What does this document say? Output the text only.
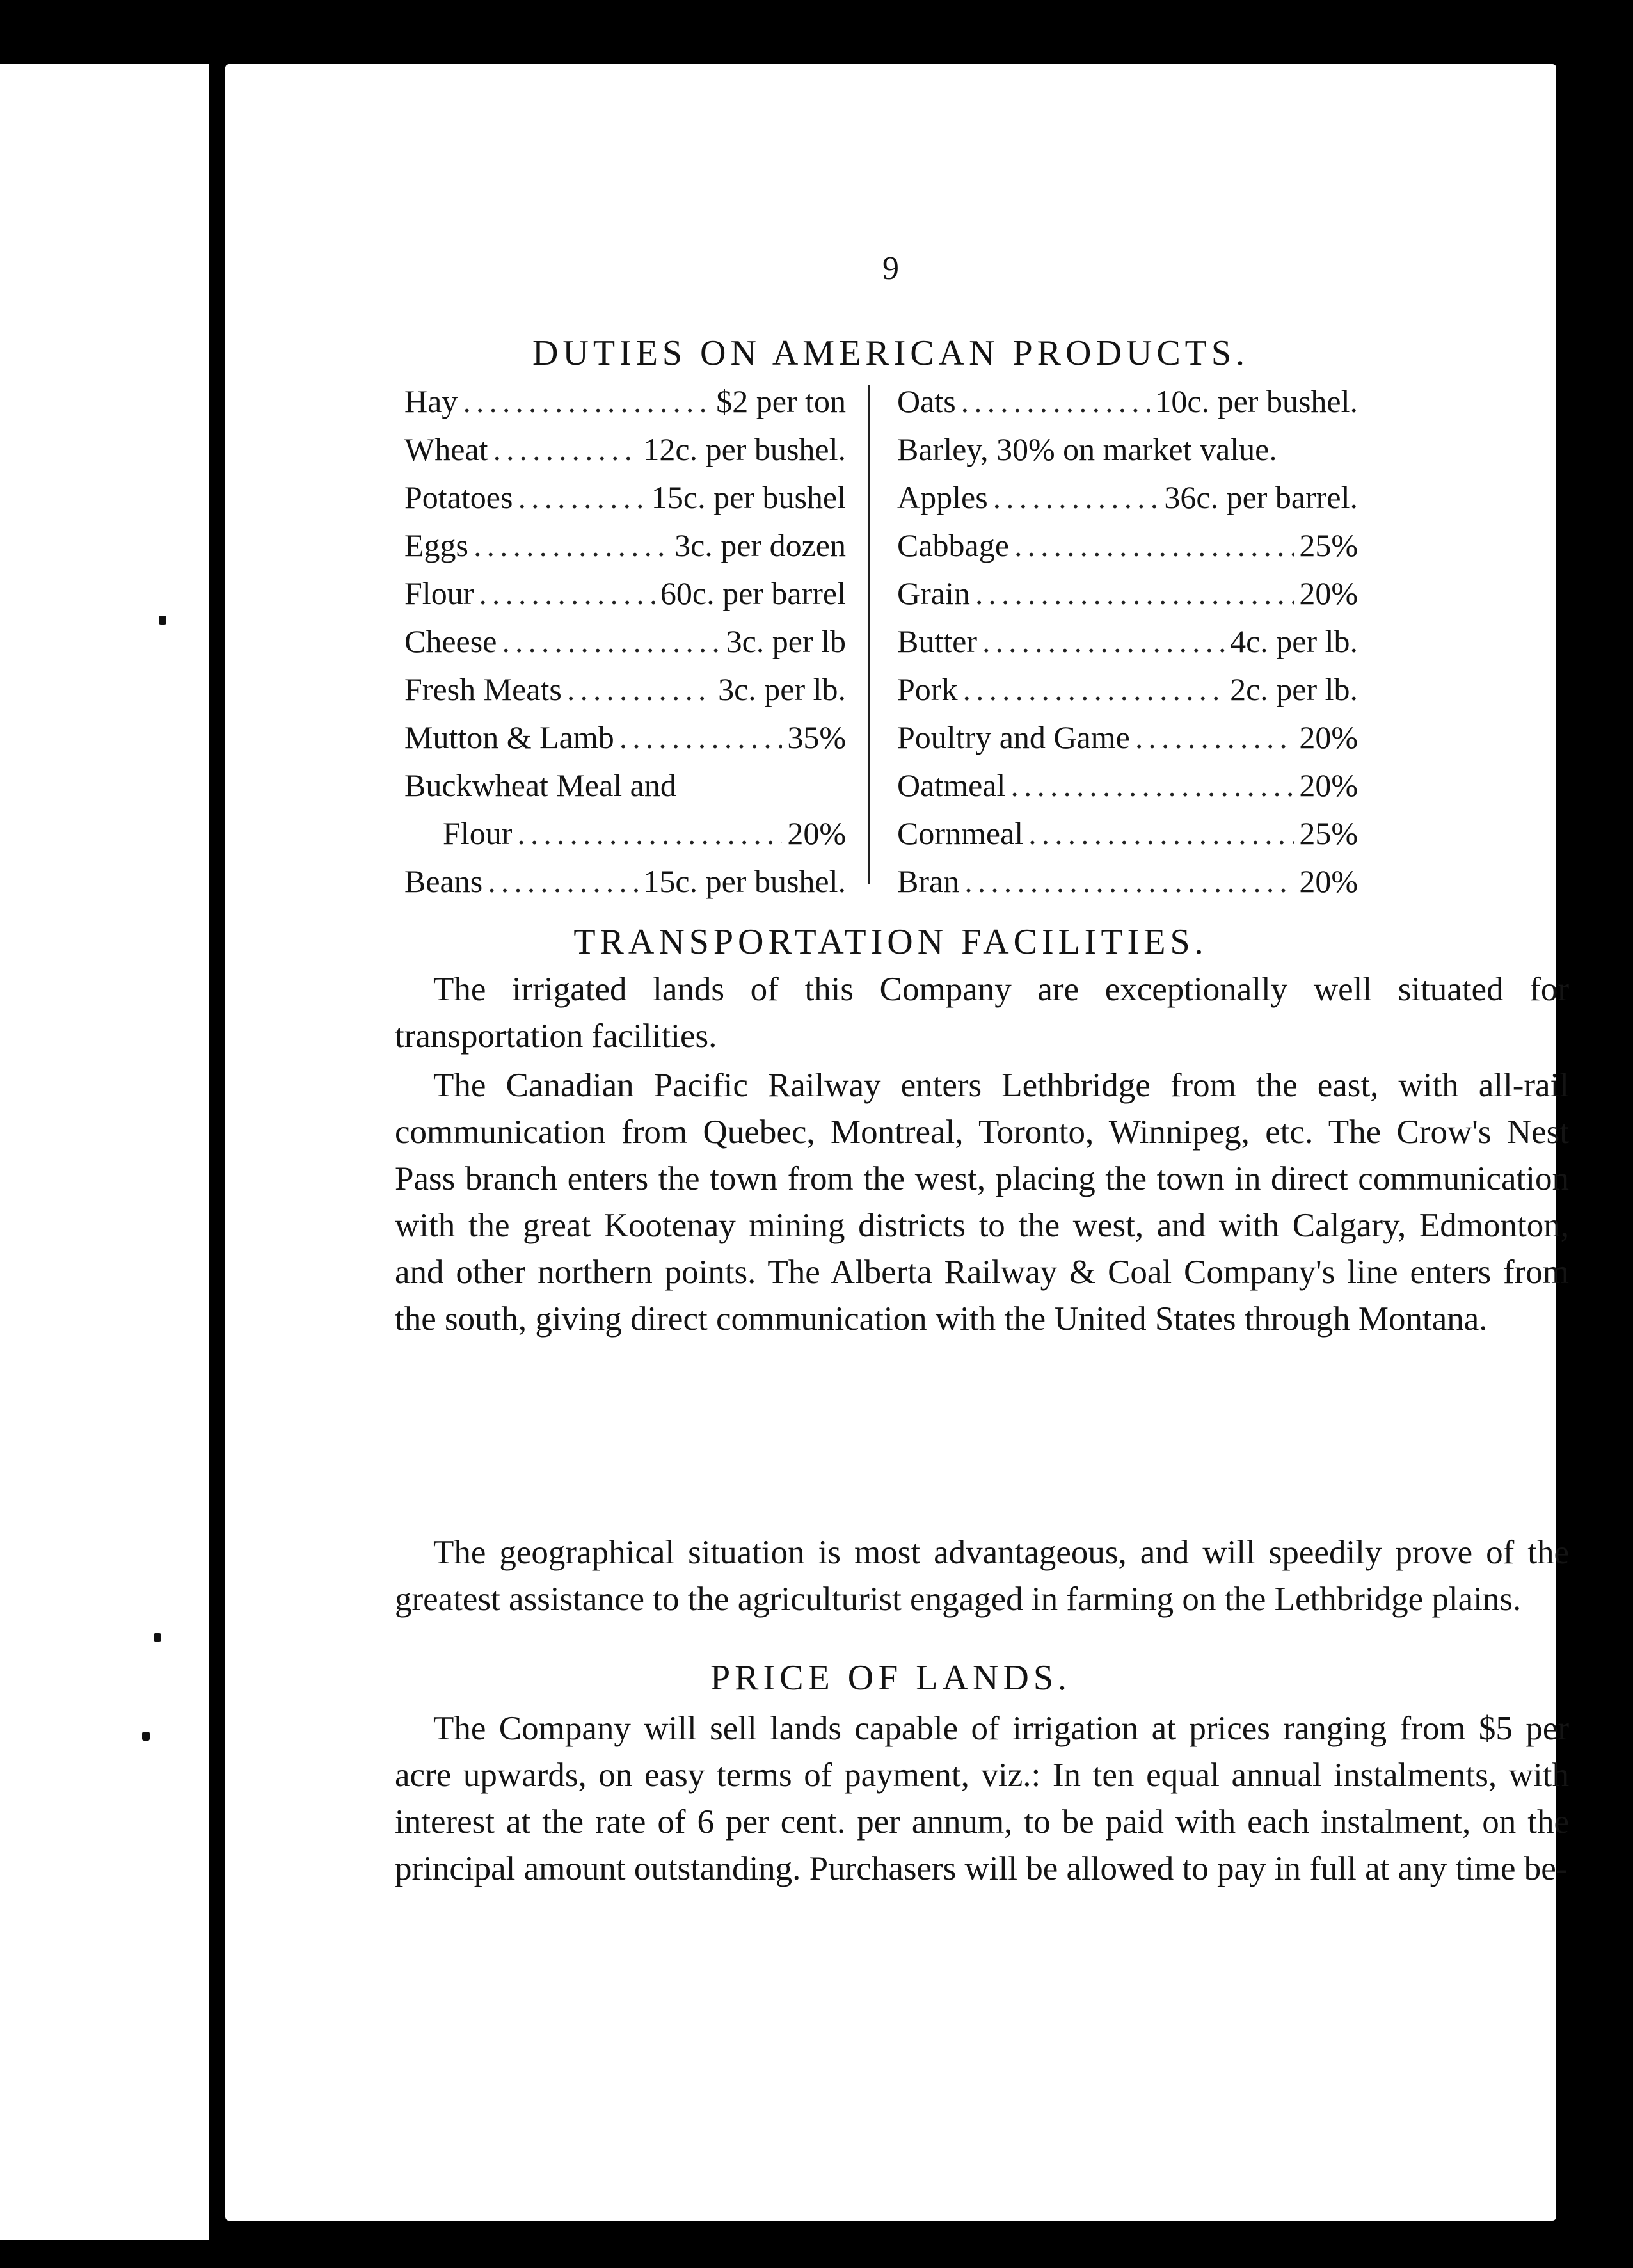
9
DUTIES ON AMERICAN PRODUCTS.
Hay .....	$2 per ton
Wheat .....	12c. per bushel.
Potatoes .....	15c. per bushel
Eggs .....	3c. per dozen
Flour .....	60c. per barrel
Cheese .....	3c. per lb
Fresh Meats .....	3c. per lb.
Mutton & Lamb .....	35%
Buckwheat Meal and
Flour .....	20%
Beans .....	15c. per bushel.
Oats .....	10c. per bushel.
Barley, 30% on market value.
Apples .....	36c. per barrel.
Cabbage .....	25%
Grain .....	20%
Butter .....	4c. per lb.
Pork .....	2c. per lb.
Poultry and Game .....	20%
Oatmeal .....	20%
Cornmeal .....	25%
Bran .....	20%
TRANSPORTATION FACILITIES.

The irrigated lands of this Company are exceptionally well situated for transportation facilities.

The Canadian Pacific Railway enters Lethbridge from the east, with all-rail communication from Quebec, Montreal, Toronto, Winnipeg, etc. The Crow's Nest Pass branch enters the town from the west, placing the town in direct communication with the great Kootenay mining districts to the west, and with Calgary, Edmonton, and other northern points. The Alberta Railway & Coal Company's line enters from the south, giving direct communication with the United States through Montana.

The geographical situation is most advantageous, and will speedily prove of the greatest assistance to the agriculturist engaged in farming on the Lethbridge plains.

PRICE OF LANDS.

The Company will sell lands capable of irrigation at prices ranging from $5 per acre upwards, on easy terms of payment, viz.: In ten equal annual instalments, with interest at the rate of 6 per cent. per annum, to be paid with each instalment, on the principal amount outstanding. Purchasers will be allowed to pay in full at any time be-
